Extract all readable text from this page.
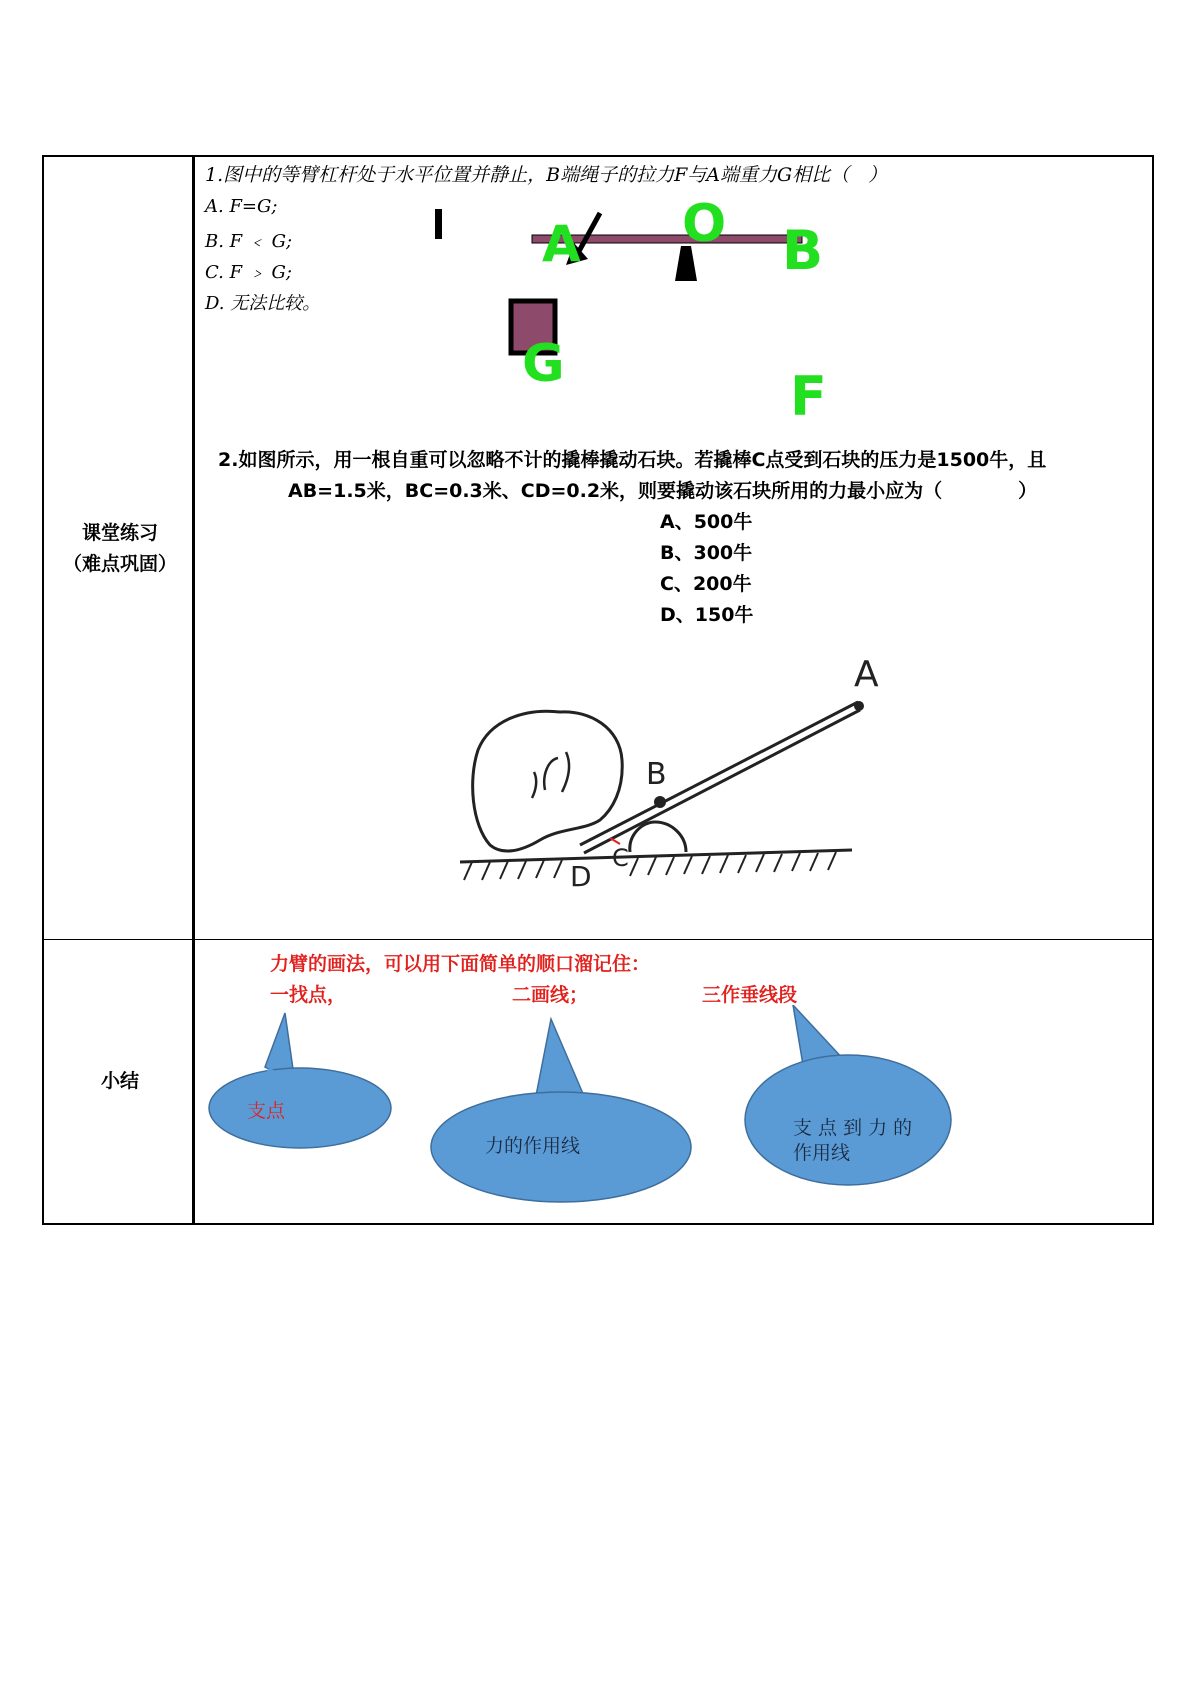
课堂练习
（难点巩固）
小结
1.图中的等臂杠杆处于水平位置并静止，B端绳子的拉力F与A端重力G相比（　）
A. F=G;
B. F ﹤ G;
C. F ﹥ G;
D. 无法比较。
A O B
G
F
2.如图所示，用一根自重可以忽略不计的撬棒撬动石块。若撬棒C点受到石块的压力是1500牛，且
AB=1.5米，BC=0.3米、CD=0.2米，则要撬动该石块所用的力最小应为（　　　　）
A、500牛
B、300牛
C、200牛
D、150牛
A
B
C
D
力臂的画法，可以用下面简单的顺口溜记住：
一找点，	二画线；	三作垂线段
支点
力的作用线
支 点 到 力 的
作用线
